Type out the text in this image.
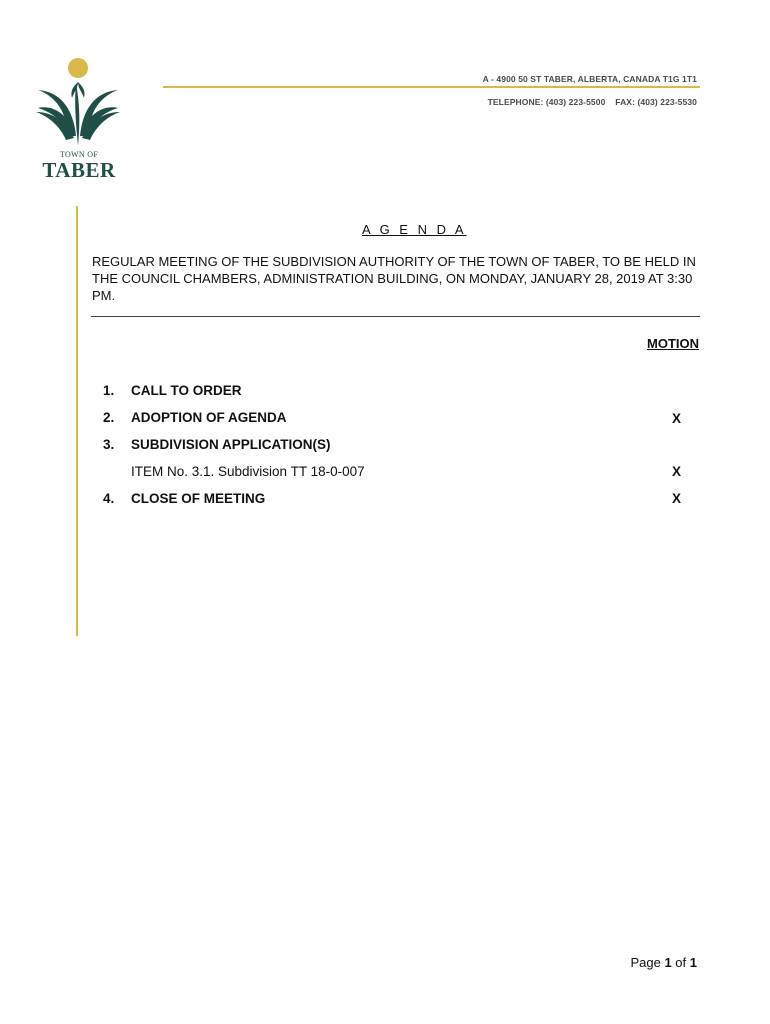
TOWN OF
TABER
A - 4900 50 ST TABER, ALBERTA, CANADA T1G 1T1
TELEPHONE: (403) 223-5500    FAX: (403) 223-5530
A G E N D A
REGULAR MEETING OF THE SUBDIVISION AUTHORITY OF THE TOWN OF TABER, TO BE HELD IN THE COUNCIL CHAMBERS, ADMINISTRATION BUILDING, ON MONDAY, JANUARY 28, 2019 AT 3:30 PM.
MOTION
1. CALL TO ORDER
2. ADOPTION OF AGENDA	X
3. SUBDIVISION APPLICATION(S)
ITEM No. 3.1. Subdivision TT 18-0-007	X
4. CLOSE OF MEETING	X
Page 1 of 1
